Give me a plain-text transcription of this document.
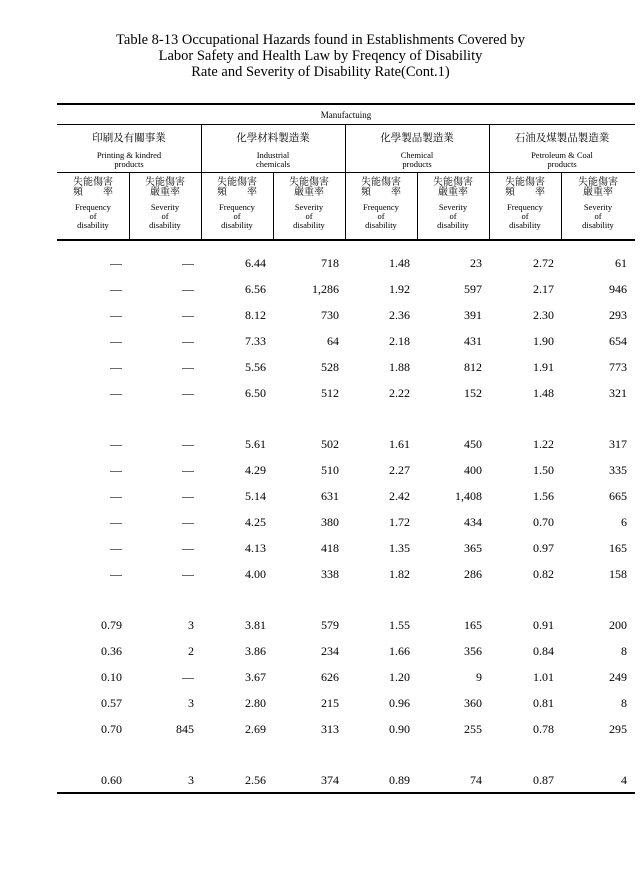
Table 8-13 Occupational Hazards found in Establishments Covered by
Labor Safety and Health Law by Freqency of Disability
Rate and Severity of Disability Rate(Cont.1)
Manufactuing
印刷及有關事業
Printing & kindred
products
化學材料製造業
Industrial
chemicals
化學製品製造業
Chemical
products
石油及煤製品製造業
Petroleum & Coal
products
失能傷害
頻　　率
Frequency
of
disability
失能傷害
嚴重率
Severity
of
disability
失能傷害
頻　　率
Frequency
of
disability
失能傷害
嚴重率
Severity
of
disability
失能傷害
頻　　率
Frequency
of
disability
失能傷害
嚴重率
Severity
of
disability
失能傷害
頻　　率
Frequency
of
disability
失能傷害
嚴重率
Severity
of
disability
—	—	6.44	718	1.48	23	2.72	61
—	—	6.56	1,286	1.92	597	2.17	946
—	—	8.12	730	2.36	391	2.30	293
—	—	7.33	64	2.18	431	1.90	654
—	—	5.56	528	1.88	812	1.91	773
—	—	6.50	512	2.22	152	1.48	321
—	—	5.61	502	1.61	450	1.22	317
—	—	4.29	510	2.27	400	1.50	335
—	—	5.14	631	2.42	1,408	1.56	665
—	—	4.25	380	1.72	434	0.70	6
—	—	4.13	418	1.35	365	0.97	165
—	—	4.00	338	1.82	286	0.82	158
0.79	3	3.81	579	1.55	165	0.91	200
0.36	2	3.86	234	1.66	356	0.84	8
0.10	—	3.67	626	1.20	9	1.01	249
0.57	3	2.80	215	0.96	360	0.81	8
0.70	845	2.69	313	0.90	255	0.78	295
0.60	3	2.56	374	0.89	74	0.87	4
